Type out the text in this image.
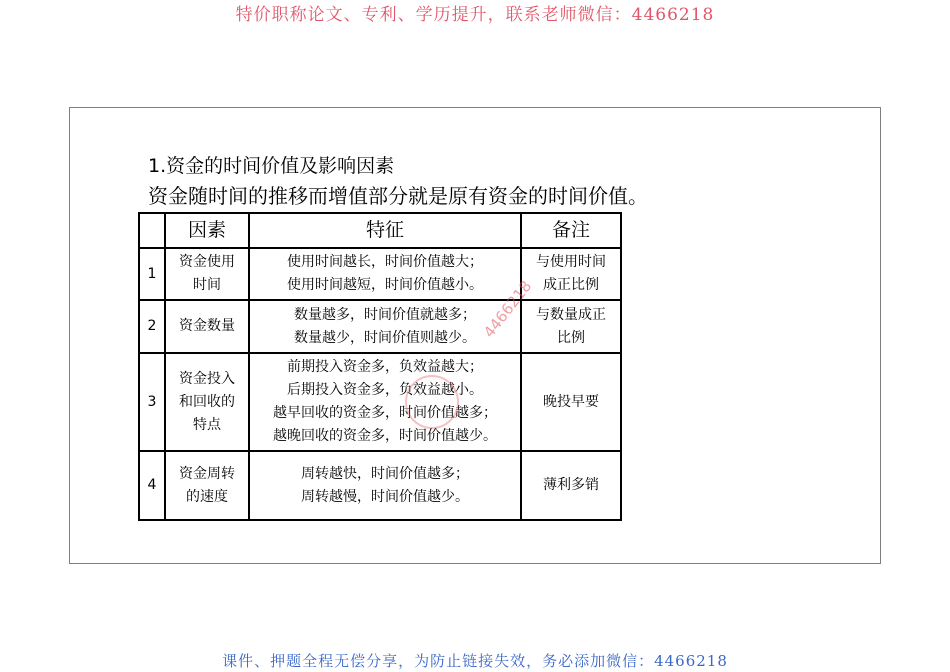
特价职称论文、专利、学历提升，联系老师微信：4466218
1.资金的时间价值及影响因素
资金随时间的推移而增值部分就是原有资金的时间价值。
	因素	特征	备注
1	资金使用
时间	使用时间越长，时间价值越大；
使用时间越短，时间价值越小。	与使用时间
成正比例

2	资金数量	数量越多，时间价值就越多；
数量越少，时间价值则越少。	与数量成正
比例

3	资金投入
和回收的
特点	前期投入资金多，负效益越大；
后期投入资金多，负效益越小。
越早回收的资金多，时间价值越多；
越晚回收的资金多，时间价值越少。	晚投早要

4	资金周转
的速度	周转越快，时间价值越多；
周转越慢，时间价值越少。	薄利多销
4466218
课件、押题全程无偿分享，为防止链接失效，务必添加微信：4466218
